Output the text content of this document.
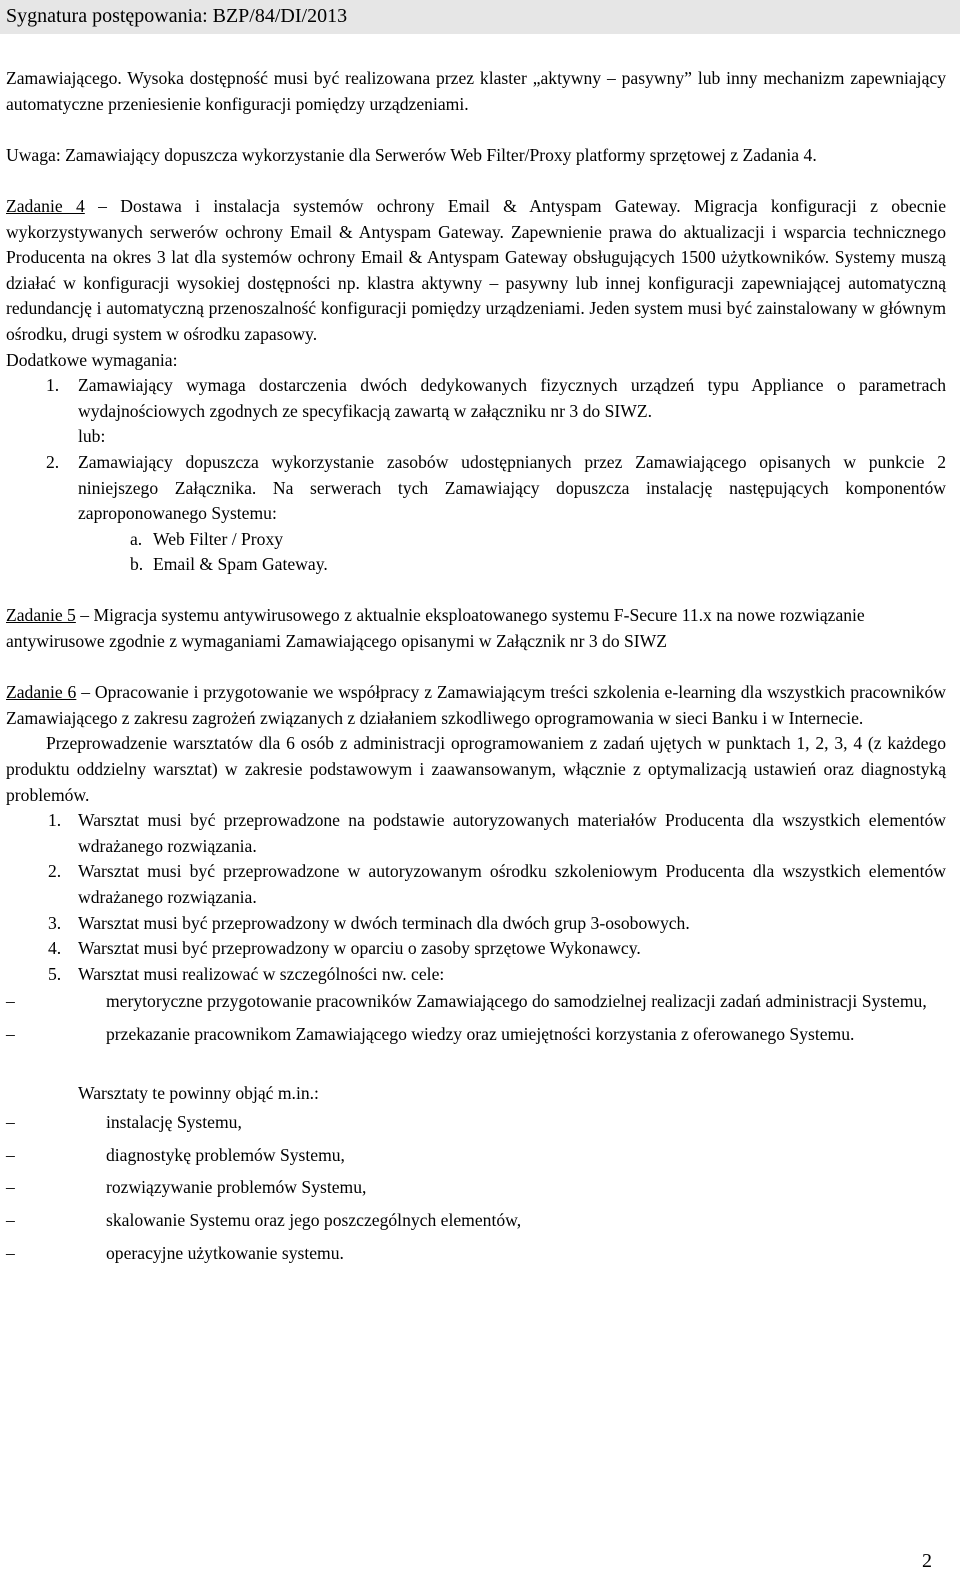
Sygnatura postępowania: BZP/84/DI/2013

Zamawiającego. Wysoka dostępność musi być realizowana przez klaster „aktywny – pasywny” lub inny mechanizm zapewniający automatyczne przeniesienie konfiguracji pomiędzy urządzeniami.

Uwaga: Zamawiający dopuszcza wykorzystanie dla Serwerów Web Filter/Proxy platformy sprzętowej z Zadania 4.

Zadanie 4 – Dostawa i instalacja systemów ochrony Email & Antyspam Gateway. Migracja konfiguracji z obecnie wykorzystywanych serwerów ochrony Email & Antyspam Gateway. Zapewnienie prawa do aktualizacji i wsparcia technicznego Producenta na okres 3 lat dla systemów ochrony Email & Antyspam Gateway obsługujących 1500 użytkowników. Systemy muszą działać w konfiguracji wysokiej dostępności np. klastra aktywny – pasywny lub innej konfiguracji zapewniającej automatyczną redundancję i automatyczną przenoszalność konfiguracji pomiędzy urządzeniami. Jeden system musi być zainstalowany w głównym ośrodku, drugi system w ośrodku zapasowy.

Dodatkowe wymagania:

1. Zamawiający wymaga dostarczenia dwóch dedykowanych fizycznych urządzeń typu Appliance o parametrach wydajnościowych zgodnych ze specyfikacją zawartą w załączniku nr 3 do SIWZ.

lub:

2. Zamawiający dopuszcza wykorzystanie zasobów udostępnianych przez Zamawiającego opisanych w punkcie 2 niniejszego Załącznika. Na serwerach tych Zamawiający dopuszcza instalację następujących komponentów zaproponowanego Systemu:
a. Web Filter / Proxy
b. Email & Spam Gateway.

Zadanie 5 – Migracja systemu antywirusowego z aktualnie eksploatowanego systemu F-Secure 11.x na nowe rozwiązanie antywirusowe zgodnie z wymaganiami Zamawiającego opisanymi w Załącznik nr 3 do SIWZ

Zadanie 6 – Opracowanie i przygotowanie we współpracy z Zamawiającym treści szkolenia e-learning dla wszystkich pracowników Zamawiającego z zakresu zagrożeń związanych z działaniem szkodliwego oprogramowania w sieci Banku i w Internecie.

Przeprowadzenie warsztatów dla 6 osób z administracji oprogramowaniem z zadań ujętych w punktach 1, 2, 3, 4 (z każdego produktu oddzielny warsztat) w zakresie podstawowym i zaawansowanym, włącznie z optymalizacją ustawień oraz diagnostyką problemów.

1. Warsztat musi być przeprowadzone na podstawie autoryzowanych materiałów Producenta dla wszystkich elementów wdrażanego rozwiązania.
2. Warsztat musi być przeprowadzone w autoryzowanym ośrodku szkoleniowym Producenta dla wszystkich elementów wdrażanego rozwiązania.
3. Warsztat musi być przeprowadzony w dwóch terminach dla dwóch grup 3-osobowych.
4. Warsztat musi być przeprowadzony w oparciu o zasoby sprzętowe Wykonawcy.
5. Warsztat musi realizować w szczególności nw. cele:
–	merytoryczne przygotowanie pracowników Zamawiającego do samodzielnej realizacji zadań administracji Systemu,
–	przekazanie pracownikom Zamawiającego wiedzy oraz umiejętności korzystania z oferowanego Systemu.

Warsztaty te powinny objąć m.in.:

–	instalację Systemu,
–	diagnostykę problemów Systemu,
–	rozwiązywanie problemów Systemu,
–	skalowanie Systemu oraz jego poszczególnych elementów,
–	operacyjne użytkowanie systemu.
2
